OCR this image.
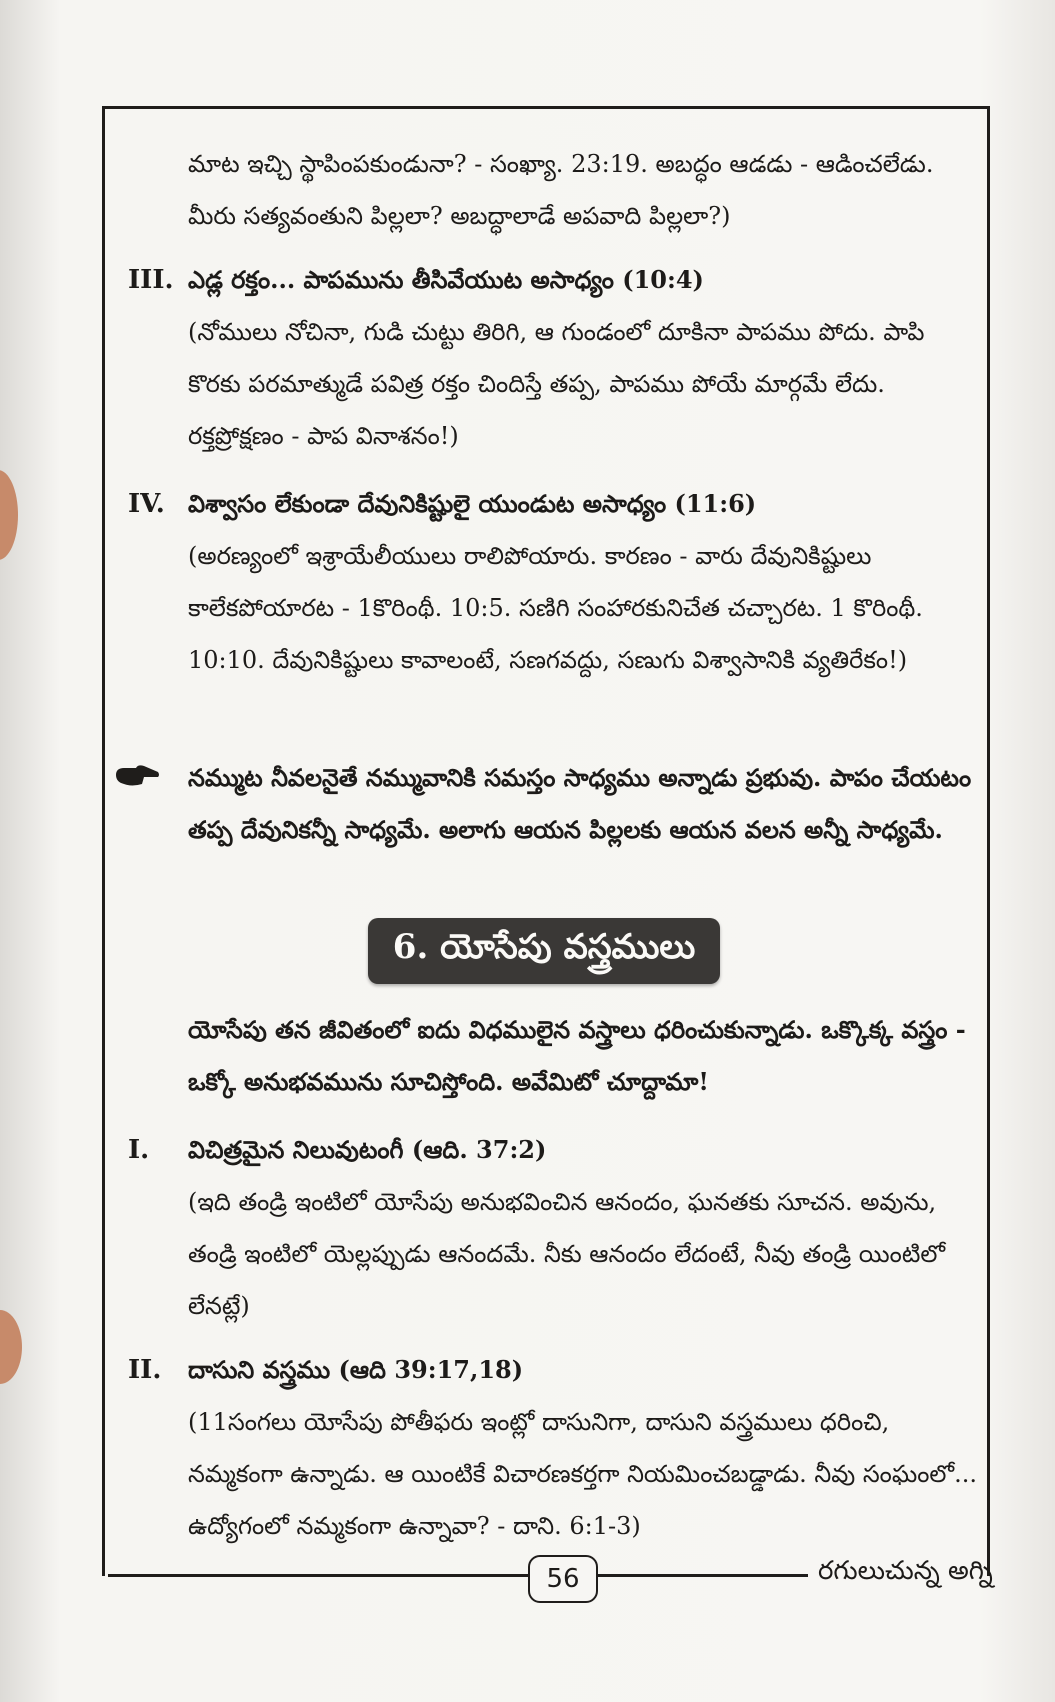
మాట ఇచ్చి స్థాపింపకుండునా? - సంఖ్యా. 23:19. అబద్ధం ఆడడు - ఆడించలేడు. మీరు సత్యవంతుని పిల్లలా? అబద్ధాలాడే అపవాది పిల్లలా?)

III. ఎడ్ల రక్తం... పాపమును తీసివేయుట అసాధ్యం (10:4)

(నోములు నోచినా, గుడి చుట్టు తిరిగి, ఆ గుండంలో దూకినా పాపము పోదు. పాపి కొరకు పరమాత్ముడే పవిత్ర రక్తం చిందిస్తే తప్ప, పాపము పోయే మార్గమే లేదు. రక్తప్రోక్షణం - పాప వినాశనం!)

IV. విశ్వాసం లేకుండా దేవునికిష్టులై యుండుట అసాధ్యం (11:6)

(అరణ్యంలో ఇశ్రాయేలీయులు రాలిపోయారు. కారణం - వారు దేవునికిష్టులు కాలేకపోయారట - 1కొరింథీ. 10:5. సణిగి సంహారకునిచేత చచ్చారట. 1 కొరింథీ. 10:10. దేవునికిష్టులు కావాలంటే, సణగవద్దు, సణుగు విశ్వాసానికి వ్యతిరేకం!)

నమ్ముట నీవలనైతే నమ్మువానికి సమస్తం సాధ్యము అన్నాడు ప్రభువు. పాపం చేయటం తప్ప దేవునికన్నీ సాధ్యమే. అలాగు ఆయన పిల్లలకు ఆయన వలన అన్నీ సాధ్యమే.

6. యోసేపు వస్త్రములు

యోసేపు తన జీవితంలో ఐదు విధములైన వస్త్రాలు ధరించుకున్నాడు. ఒక్కొక్క వస్త్రం - ఒక్కో అనుభవమును సూచిస్తోంది. అవేమిటో చూద్దామా!

I. విచిత్రమైన నిలువుటంగీ (ఆది. 37:2)

(ఇది తండ్రి ఇంటిలో యోసేపు అనుభవించిన ఆనందం, ఘనతకు సూచన. అవును, తండ్రి ఇంటిలో యెల్లప్పుడు ఆనందమే. నీకు ఆనందం లేదంటే, నీవు తండ్రి యింటిలో లేనట్లే)

II. దాసుని వస్త్రము (ఆది 39:17,18)

(11సంగలు యోసేపు పోతీఫరు ఇంట్లో దాసునిగా, దాసుని వస్త్రములు ధరించి, నమ్మకంగా ఉన్నాడు. ఆ యింటికే విచారణకర్తగా నియమించబడ్డాడు. నీవు సంఘంలో... ఉద్యోగంలో నమ్మకంగా ఉన్నావా? - దాని. 6:1-3)

56	రగులుచున్న అగ్ని
